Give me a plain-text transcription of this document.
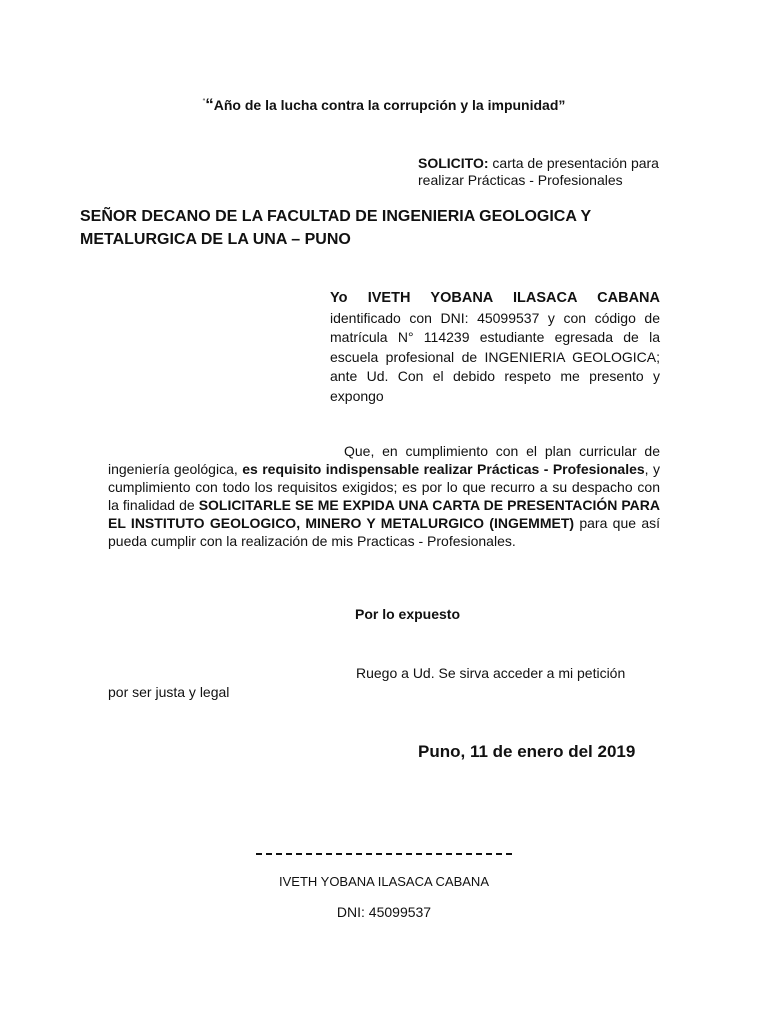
““Año de la lucha contra la corrupción y la impunidad”
SOLICITO: carta de presentación para realizar Prácticas - Profesionales
SEÑOR DECANO DE LA FACULTAD DE INGENIERIA GEOLOGICA Y
METALURGICA DE LA UNA – PUNO
Yo IVETH YOBANA ILASACA CABANA identificado con DNI: 45099537 y con código de matrícula N° 114239 estudiante egresada de la escuela profesional de INGENIERIA GEOLOGICA; ante Ud. Con el debido respeto me presento y expongo
Que, en cumplimiento con el plan curricular de ingeniería geológica, es requisito indispensable realizar Prácticas - Profesionales, y cumplimiento con todo los requisitos exigidos; es por lo que recurro a su despacho con la finalidad de SOLICITARLE SE ME EXPIDA UNA CARTA DE PRESENTACIÓN PARA EL INSTITUTO GEOLOGICO, MINERO Y METALURGICO (INGEMMET) para que así pueda cumplir con la realización de mis Practicas - Profesionales.
Por lo expuesto
Ruego a Ud. Se sirva acceder a mi petición
por ser justa y legal
Puno, 11 de enero del 2019
IVETH YOBANA ILASACA CABANA
DNI: 45099537
